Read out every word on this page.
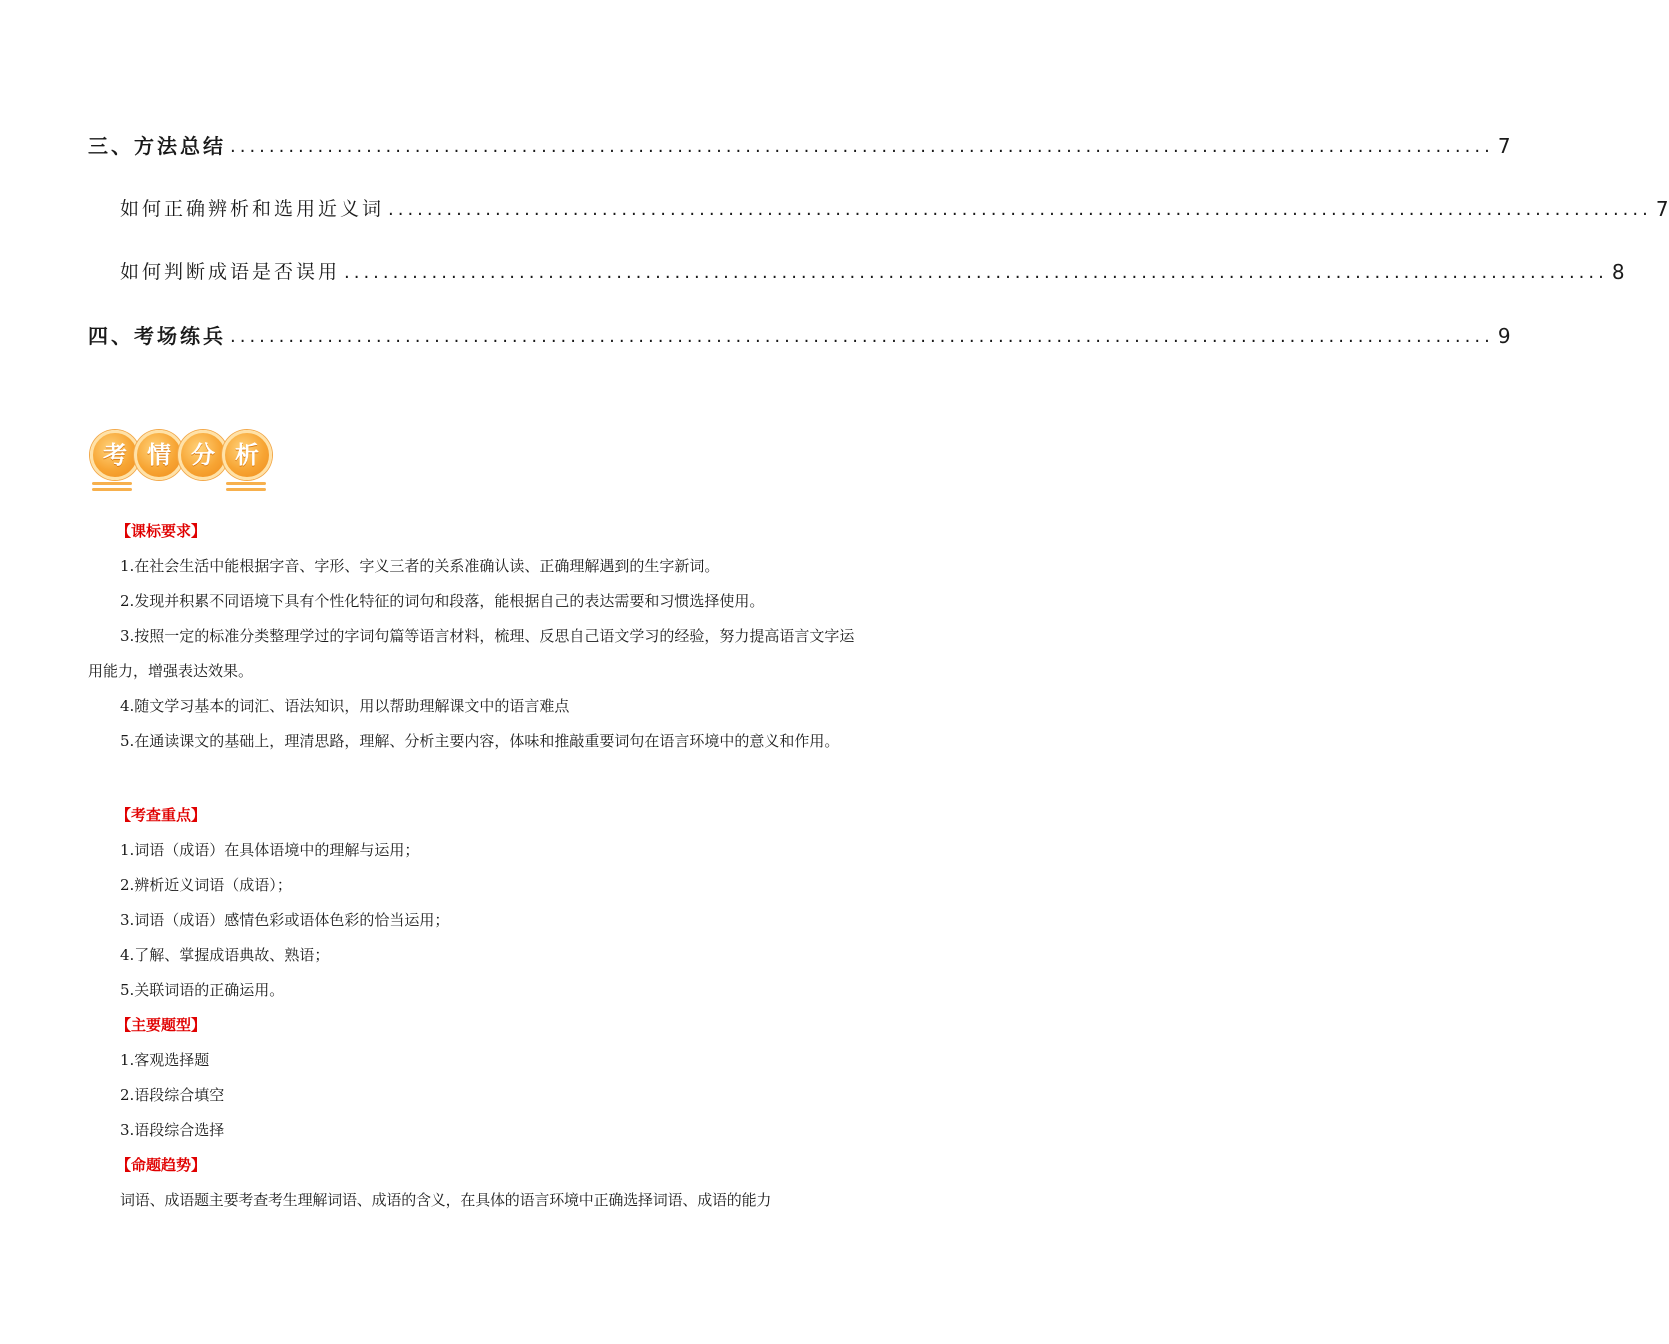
三、方法总结 .................................................................................................................................. 7
如何正确辨析和选用近义词 .................................................................................................................................. 7
如何判断成语是否误用 .................................................................................................................................. 8
四、考场练兵 .................................................................................................................................. 9
考 情 分 析
【课标要求】

1.在社会生活中能根据字音、字形、字义三者的关系准确认读、正确理解遇到的生字新词。

2.发现并积累不同语境下具有个性化特征的词句和段落，能根据自己的表达需要和习惯选择使用。

3.按照一定的标准分类整理学过的字词句篇等语言材料，梳理、反思自己语文学习的经验，努力提高语言文字运用能力，增强表达效果。

4.随文学习基本的词汇、语法知识，用以帮助理解课文中的语言难点

5.在通读课文的基础上，理清思路，理解、分析主要内容，体味和推敲重要词句在语言环境中的意义和作用。

【考查重点】

1.词语（成语）在具体语境中的理解与运用；

2.辨析近义词语（成语）；

3.词语（成语）感情色彩或语体色彩的恰当运用；

4.了解、掌握成语典故、熟语；

5.关联词语的正确运用。

【主要题型】

1.客观选择题

2.语段综合填空

3.语段综合选择

【命题趋势】

词语、成语题主要考查考生理解词语、成语的含义，在具体的语言环境中正确选择词语、成语的能力
